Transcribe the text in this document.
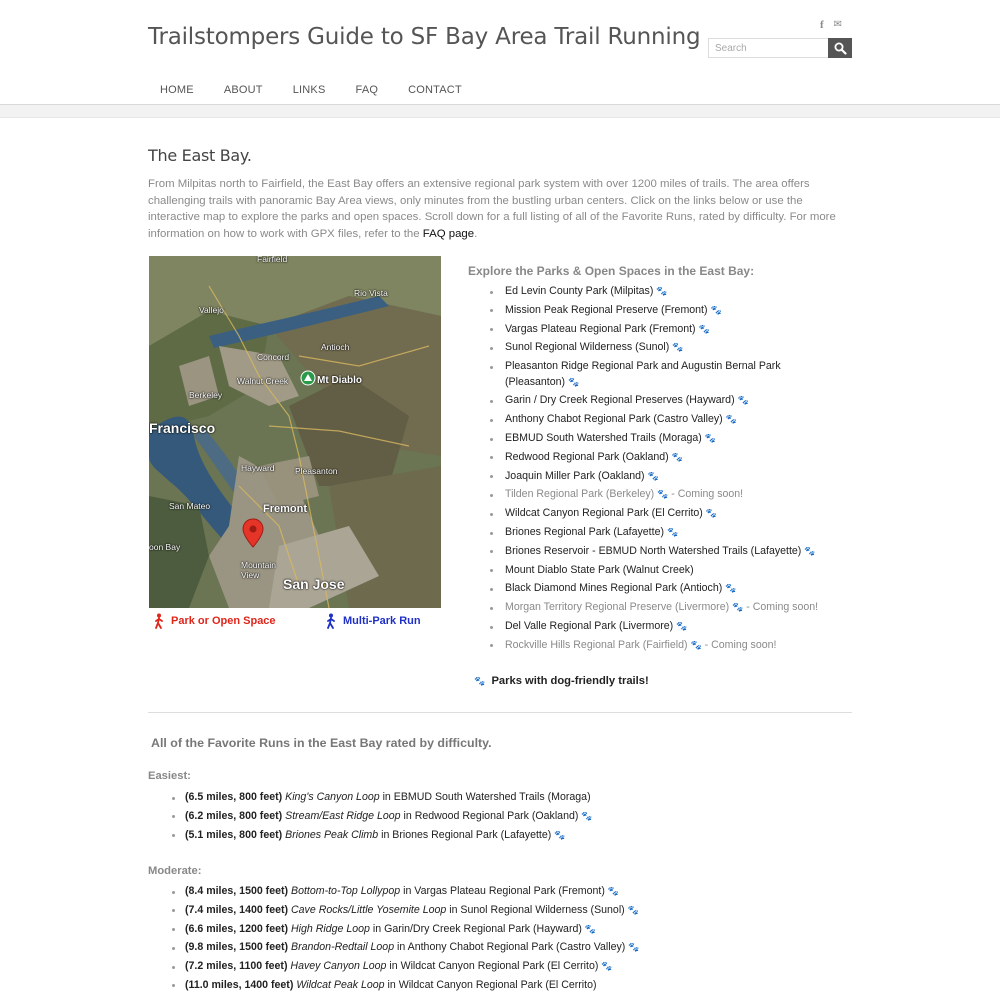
Trailstompers Guide to SF Bay Area Trail Running	f ✉
Search
HOME	ABOUT	LINKS	FAQ	CONTACT
The East Bay.

From Milpitas north to Fairfield, the East Bay offers an extensive regional park system with over 1200 miles of trails. The area offers challenging trails with panoramic Bay Area views, only minutes from the bustling urban centers. Click on the links below or use the interactive map to explore the parks and open spaces. Scroll down for a full listing of all of the Favorite Runs, rated by difficulty. For more information on how to work with GPX files, refer to the FAQ page.

Fairfield
Rio Vista
Vallejo
Antioch
Concord
Walnut Creek	Mt Diablo
Berkeley
Francisco
Hayward Pleasanton
San Mateo	Fremont
Mountain View
San Jose
oon Bay
Park or Open Space	Multi-Park Run
Explore the Parks & Open Spaces in the East Bay:
Ed Levin County Park (Milpitas) 🐾
Mission Peak Regional Preserve (Fremont) 🐾
Vargas Plateau Regional Park (Fremont) 🐾
Sunol Regional Wilderness (Sunol) 🐾
Pleasanton Ridge Regional Park and Augustin Bernal Park (Pleasanton) 🐾
Garin / Dry Creek Regional Preserves (Hayward) 🐾
Anthony Chabot Regional Park (Castro Valley) 🐾
EBMUD South Watershed Trails (Moraga) 🐾
Redwood Regional Park (Oakland) 🐾
Joaquin Miller Park (Oakland) 🐾
Tilden Regional Park (Berkeley) 🐾 - Coming soon!
Wildcat Canyon Regional Park (El Cerrito) 🐾
Briones Regional Park (Lafayette) 🐾
Briones Reservoir - EBMUD North Watershed Trails (Lafayette) 🐾
Mount Diablo State Park (Walnut Creek)
Black Diamond Mines Regional Park (Antioch) 🐾
Morgan Territory Regional Preserve (Livermore) 🐾 - Coming soon!
Del Valle Regional Park (Livermore) 🐾
Rockville Hills Regional Park (Fairfield) 🐾 - Coming soon!
🐾 Parks with dog-friendly trails!
All of the Favorite Runs in the East Bay rated by difficulty.
Easiest:
(6.5 miles, 800 feet) King's Canyon Loop in EBMUD South Watershed Trails (Moraga)
(6.2 miles, 800 feet) Stream/East Ridge Loop in Redwood Regional Park (Oakland) 🐾
(5.1 miles, 800 feet) Briones Peak Climb in Briones Regional Park (Lafayette) 🐾
Moderate:
(8.4 miles, 1500 feet) Bottom-to-Top Lollypop in Vargas Plateau Regional Park (Fremont) 🐾
(7.4 miles, 1400 feet) Cave Rocks/Little Yosemite Loop in Sunol Regional Wilderness (Sunol) 🐾
(6.6 miles, 1200 feet) High Ridge Loop in Garin/Dry Creek Regional Park (Hayward) 🐾
(9.8 miles, 1500 feet) Brandon-Redtail Loop in Anthony Chabot Regional Park (Castro Valley) 🐾
(7.2 miles, 1100 feet) Havey Canyon Loop in Wildcat Canyon Regional Park (El Cerrito) 🐾
(11.0 miles, 1400 feet) Wildcat Peak Loop in Wildcat Canyon Regional Park (El Cerrito)
